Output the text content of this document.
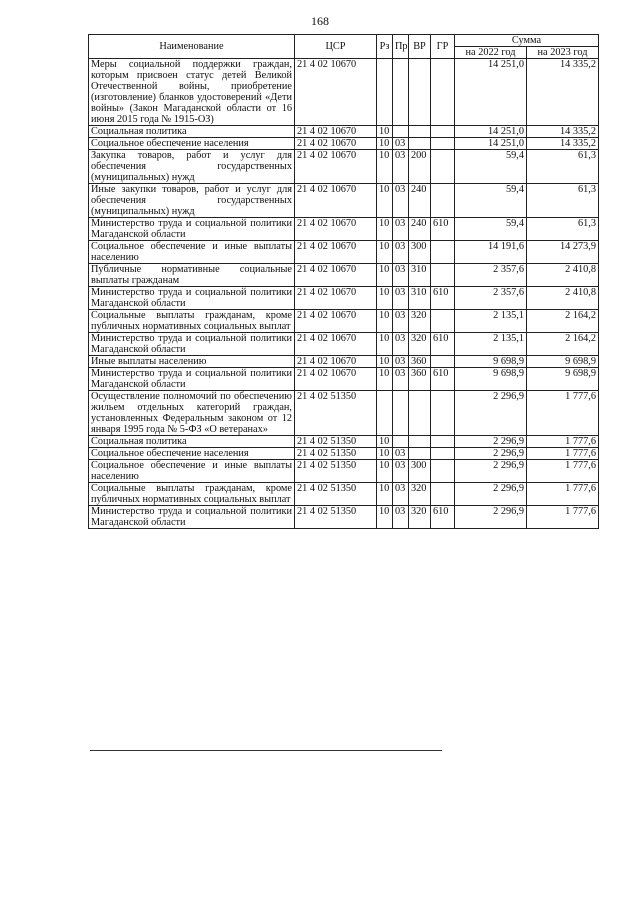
168
Наименование	ЦСР	Рз	Пр	ВР	ГР	Сумма	
						на 2022 год	на 2023 год
Меры социальной поддержки граждан, которым присвоен статус детей Великой Отечественной войны, приобретение (изготовление) бланков удостоверений «Дети войны» (Закон Магаданской области от 16 июня 2015 года № 1915-ОЗ)	21 4 02 10670					14 251,0	14 335,2
Социальная политика	21 4 02 10670	10				14 251,0	14 335,2
Социальное обеспечение населения	21 4 02 10670	10	03			14 251,0	14 335,2
Закупка товаров, работ и услуг для обеспечения государственных (муниципальных) нужд	21 4 02 10670	10	03	200		59,4	61,3
Иные закупки товаров, работ и услуг для обеспечения государственных (муниципальных) нужд	21 4 02 10670	10	03	240		59,4	61,3
Министерство труда и социальной политики Магаданской области	21 4 02 10670	10	03	240	610	59,4	61,3
Социальное обеспечение и иные выплаты населению	21 4 02 10670	10	03	300		14 191,6	14 273,9
Публичные нормативные социальные выплаты гражданам	21 4 02 10670	10	03	310		2 357,6	2 410,8
Министерство труда и социальной политики Магаданской области	21 4 02 10670	10	03	310	610	2 357,6	2 410,8
Социальные выплаты гражданам, кроме публичных нормативных социальных выплат	21 4 02 10670	10	03	320		2 135,1	2 164,2
Министерство труда и социальной политики Магаданской области	21 4 02 10670	10	03	320	610	2 135,1	2 164,2
Иные выплаты населению	21 4 02 10670	10	03	360		9 698,9	9 698,9
Министерство труда и социальной политики Магаданской области	21 4 02 10670	10	03	360	610	9 698,9	9 698,9
Осуществление полномочий по обеспечению жильем отдельных категорий граждан, установленных Федеральным законом от 12 января 1995 года № 5-ФЗ «О ветеранах»	21 4 02 51350					2 296,9	1 777,6
Социальная политика	21 4 02 51350	10				2 296,9	1 777,6
Социальное обеспечение населения	21 4 02 51350	10	03			2 296,9	1 777,6
Социальное обеспечение и иные выплаты населению	21 4 02 51350	10	03	300		2 296,9	1 777,6
Социальные выплаты гражданам, кроме публичных нормативных социальных выплат	21 4 02 51350	10	03	320		2 296,9	1 777,6
Министерство труда и социальной политики Магаданской области	21 4 02 51350	10	03	320	610	2 296,9	1 777,6
